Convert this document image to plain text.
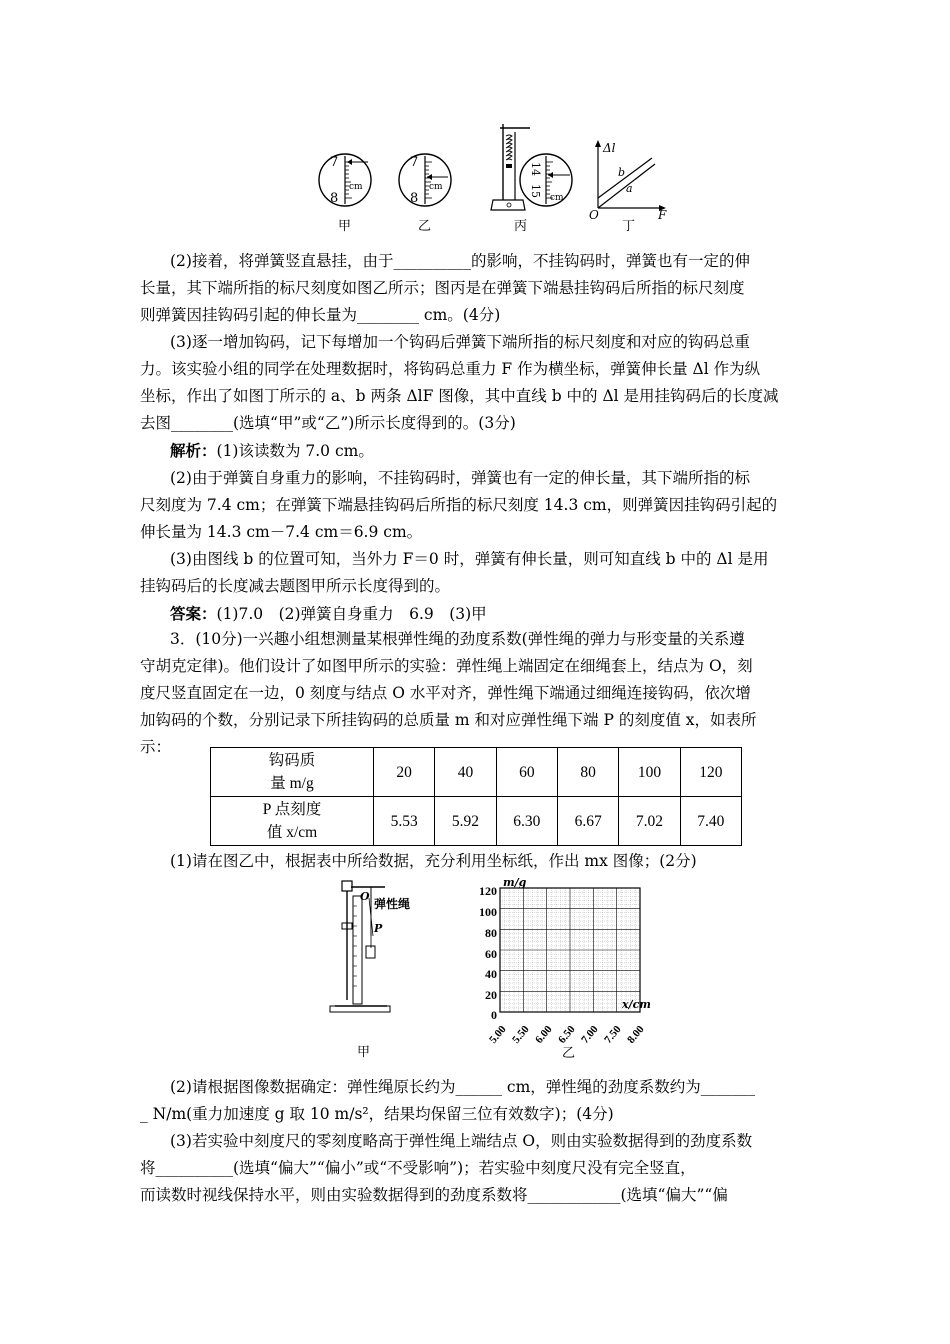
7
8
cm
甲
7
8
cm
乙
14
15 cm
丙
Δl
F
O
a
b
丁
(2)接着，将弹簧竖直悬挂，由于__________的影响，不挂钩码时，弹簧也有一定的伸
长量，其下端所指的标尺刻度如图乙所示；图丙是在弹簧下端悬挂钩码后所指的标尺刻度
则弹簧因挂钩码引起的伸长量为________ cm。(4分)
(3)逐一增加钩码，记下每增加一个钩码后弹簧下端所指的标尺刻度和对应的钩码总重
力。该实验小组的同学在处理数据时，将钩码总重力 F 作为横坐标，弹簧伸长量 Δl 作为纵
坐标，作出了如图丁所示的 a、b 两条 ΔlF 图像，其中直线 b 中的 Δl 是用挂钩码后的长度减
去图________(选填“甲”或“乙”)所示长度得到的。(3分)
解析：(1)该读数为 7.0 cm。
(2)由于弹簧自身重力的影响，不挂钩码时，弹簧也有一定的伸长量，其下端所指的标
尺刻度为 7.4 cm；在弹簧下端悬挂钩码后所指的标尺刻度 14.3 cm，则弹簧因挂钩码引起的
伸长量为 14.3 cm－7.4 cm＝6.9 cm。
(3)由图线 b 的位置可知，当外力 F＝0 时，弹簧有伸长量，则可知直线 b 中的 Δl 是用
挂钩码后的长度减去题图甲所示长度得到的。
答案：(1)7.0　(2)弹簧自身重力　6.9　(3)甲
3．(10分)一兴趣小组想测量某根弹性绳的劲度系数(弹性绳的弹力与形变量的关系遵
守胡克定律)。他们设计了如图甲所示的实验：弹性绳上端固定在细绳套上，结点为 O，刻
度尺竖直固定在一边，0 刻度与结点 O 水平对齐，弹性绳下端通过细绳连接钩码，依次增
加钩码的个数，分别记录下所挂钩码的总质量 m 和对应弹性绳下端 P 的刻度值 x，如表所
示：
钩码质
量 m/g	20	40	60	80	100	120
P 点刻度
值 x/cm	5.53	5.92	6.30	6.67	7.02	7.40
(1)请在图乙中，根据表中所给数据，充分利用坐标纸，作出 mx 图像；(2分)
O
弹性绳
P
甲
120
100
80
60
40
20
0
m/g
x/cm
5.00 5.50 6.00 6.50 7.00 7.50 8.00
乙
(2)请根据图像数据确定：弹性绳原长约为______ cm，弹性绳的劲度系数约为_______
_ N/m(重力加速度 g 取 10 m/s²，结果均保留三位有效数字)；(4分)
(3)若实验中刻度尺的零刻度略高于弹性绳上端结点 O，则由实验数据得到的劲度系数
将__________(选填“偏大”“偏小”或“不受影响”)；若实验中刻度尺没有完全竖直，
而读数时视线保持水平，则由实验数据得到的劲度系数将____________(选填“偏大”“偏
